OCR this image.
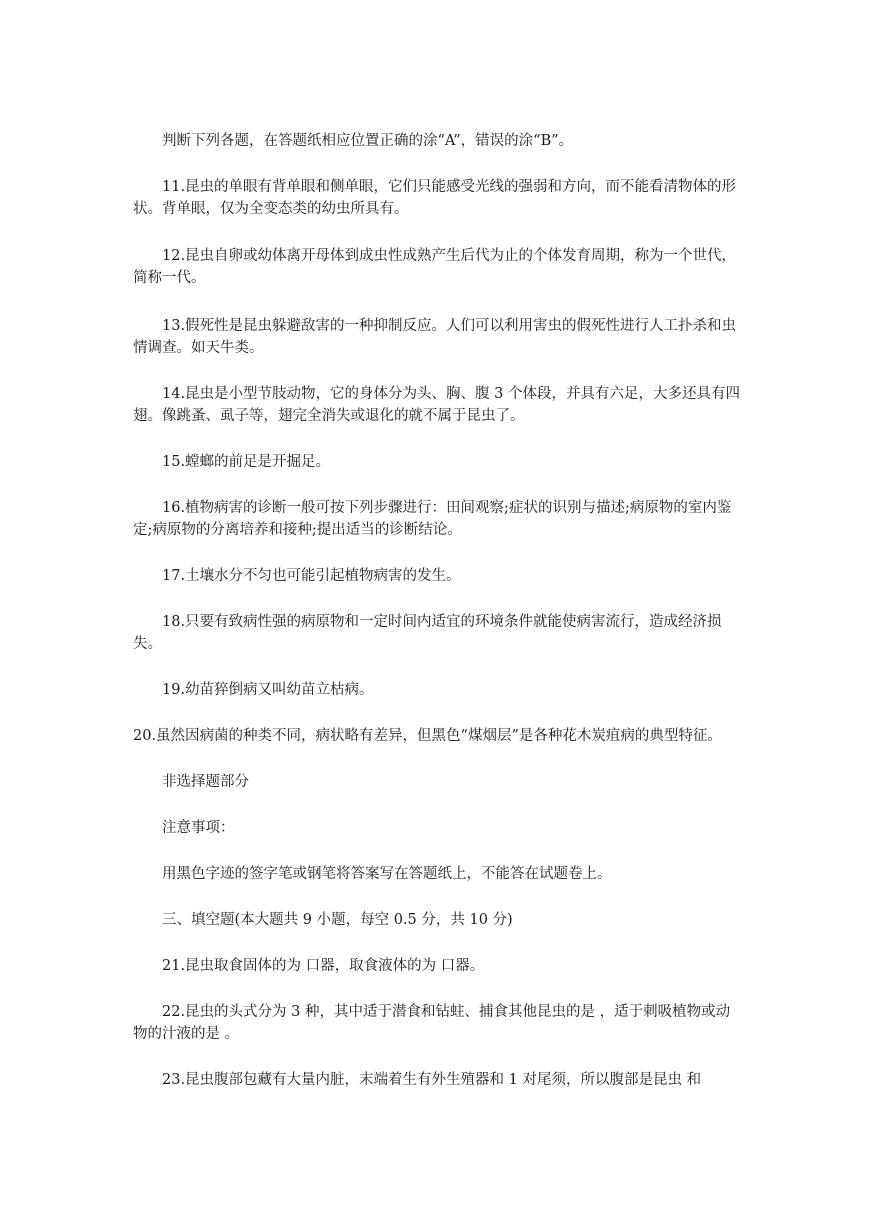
判断下列各题，在答题纸相应位置正确的涂“A”，错误的涂“B”。

11.昆虫的单眼有背单眼和侧单眼，它们只能感受光线的强弱和方向，而不能看清物体的形状。背单眼，仅为全变态类的幼虫所具有。

12.昆虫自卵或幼体离开母体到成虫性成熟产生后代为止的个体发育周期，称为一个世代，简称一代。

13.假死性是昆虫躲避敌害的一种抑制反应。人们可以利用害虫的假死性进行人工扑杀和虫情调查。如天牛类。

14.昆虫是小型节肢动物，它的身体分为头、胸、腹 3 个体段，并具有六足，大多还具有四翅。像跳蚤、虱子等，翅完全消失或退化的就不属于昆虫了。

15.螳螂的前足是开掘足。

16.植物病害的诊断一般可按下列步骤进行：田间观察;症状的识别与描述;病原物的室内鉴定;病原物的分离培养和接种;提出适当的诊断结论。

17.土壤水分不匀也可能引起植物病害的发生。

18.只要有致病性强的病原物和一定时间内适宜的环境条件就能使病害流行，造成经济损失。

19.幼苗猝倒病又叫幼苗立枯病。

20.虽然因病菌的种类不同，病状略有差异，但黑色“煤烟层”是各种花木炭疽病的典型特征。

非选择题部分

注意事项：

用黑色字迹的签字笔或钢笔将答案写在答题纸上，不能答在试题卷上。

三、填空题(本大题共 9 小题，每空 0.5 分，共 10 分)

21.昆虫取食固体的为 口器，取食液体的为 口器。

22.昆虫的头式分为 3 种，其中适于潜食和钻蛀、捕食其他昆虫的是 ，适于刺吸植物或动物的汁液的是 。

23.昆虫腹部包藏有大量内脏，末端着生有外生殖器和 1 对尾须，所以腹部是昆虫 和
